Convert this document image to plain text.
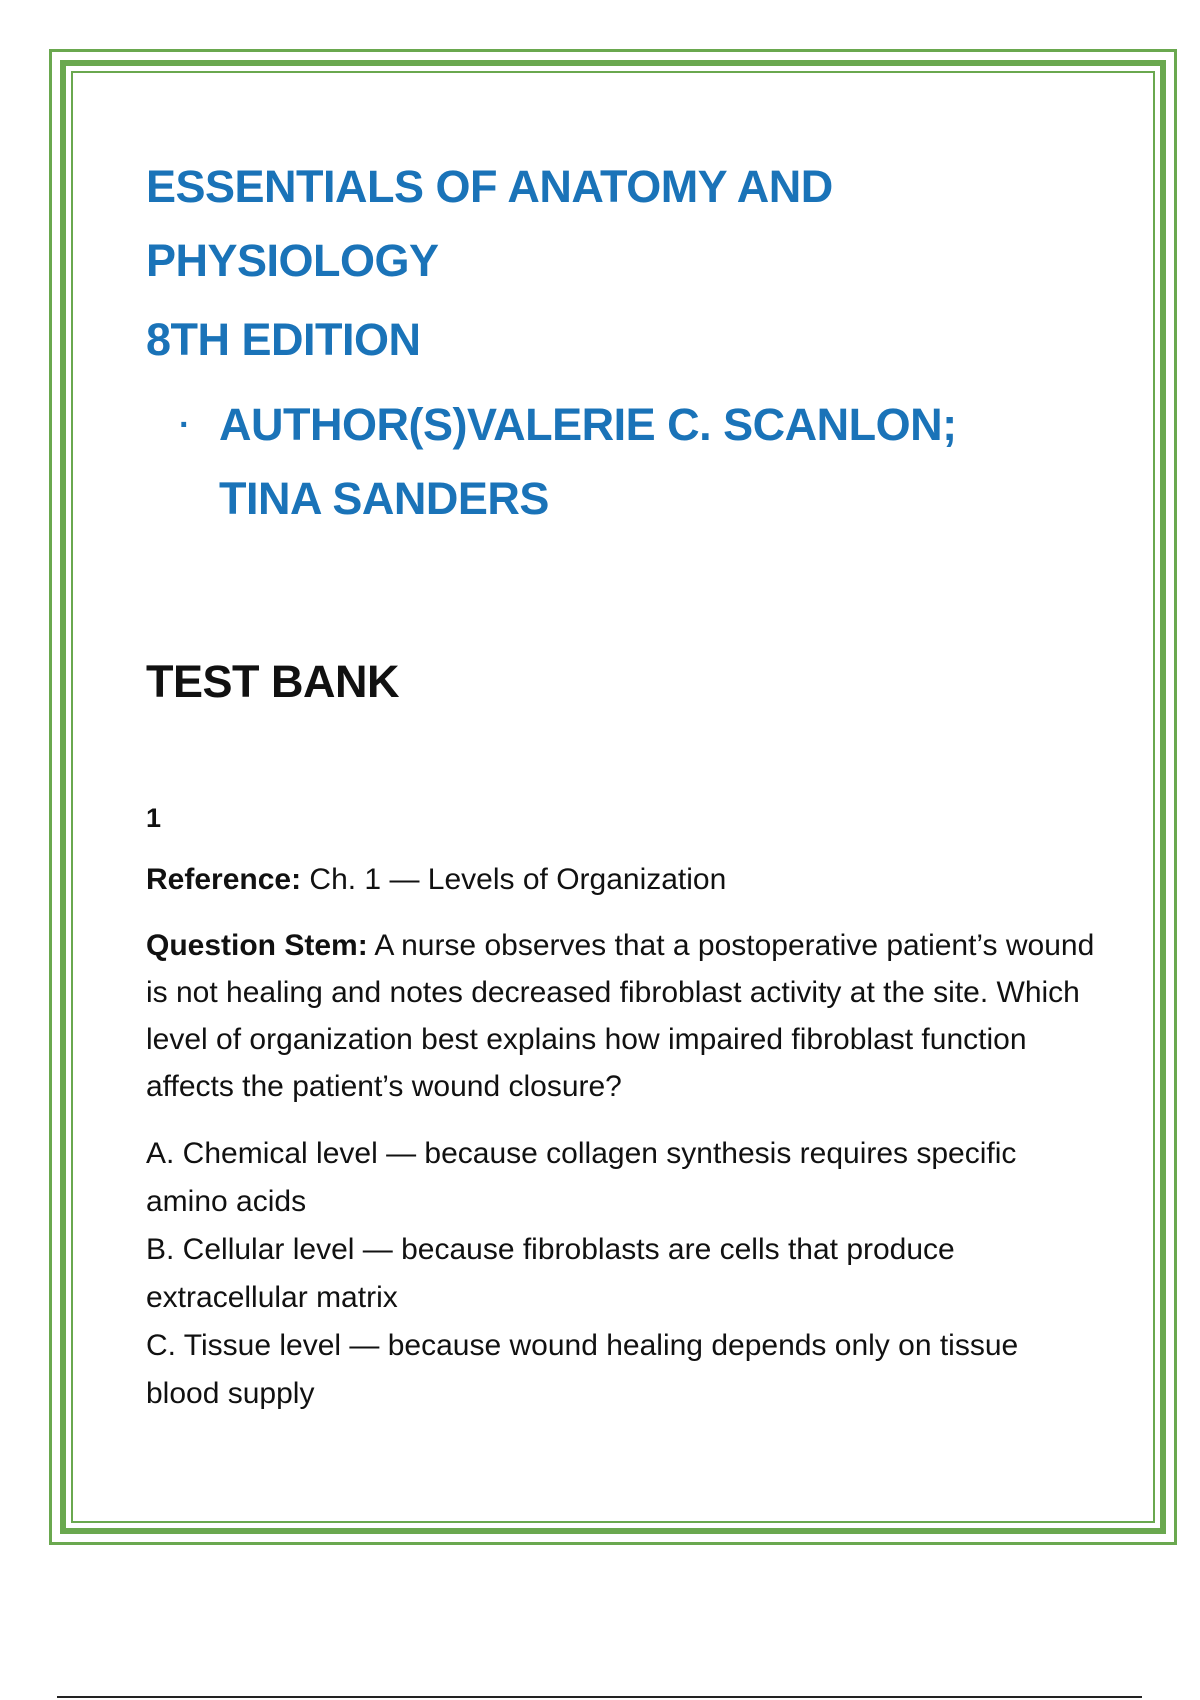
ESSENTIALS OF ANATOMY AND
PHYSIOLOGY
8TH EDITION
· AUTHOR(S)VALERIE C. SCANLON;
TINA SANDERS
TEST BANK
1

Reference: Ch. 1 — Levels of Organization

Question Stem: A nurse observes that a postoperative patient’s wound is not healing and notes decreased fibroblast activity at the site. Which level of organization best explains how impaired fibroblast function affects the patient’s wound closure?

A. Chemical level — because collagen synthesis requires specific amino acids
B. Cellular level — because fibroblasts are cells that produce extracellular matrix
C. Tissue level — because wound healing depends only on tissue blood supply
